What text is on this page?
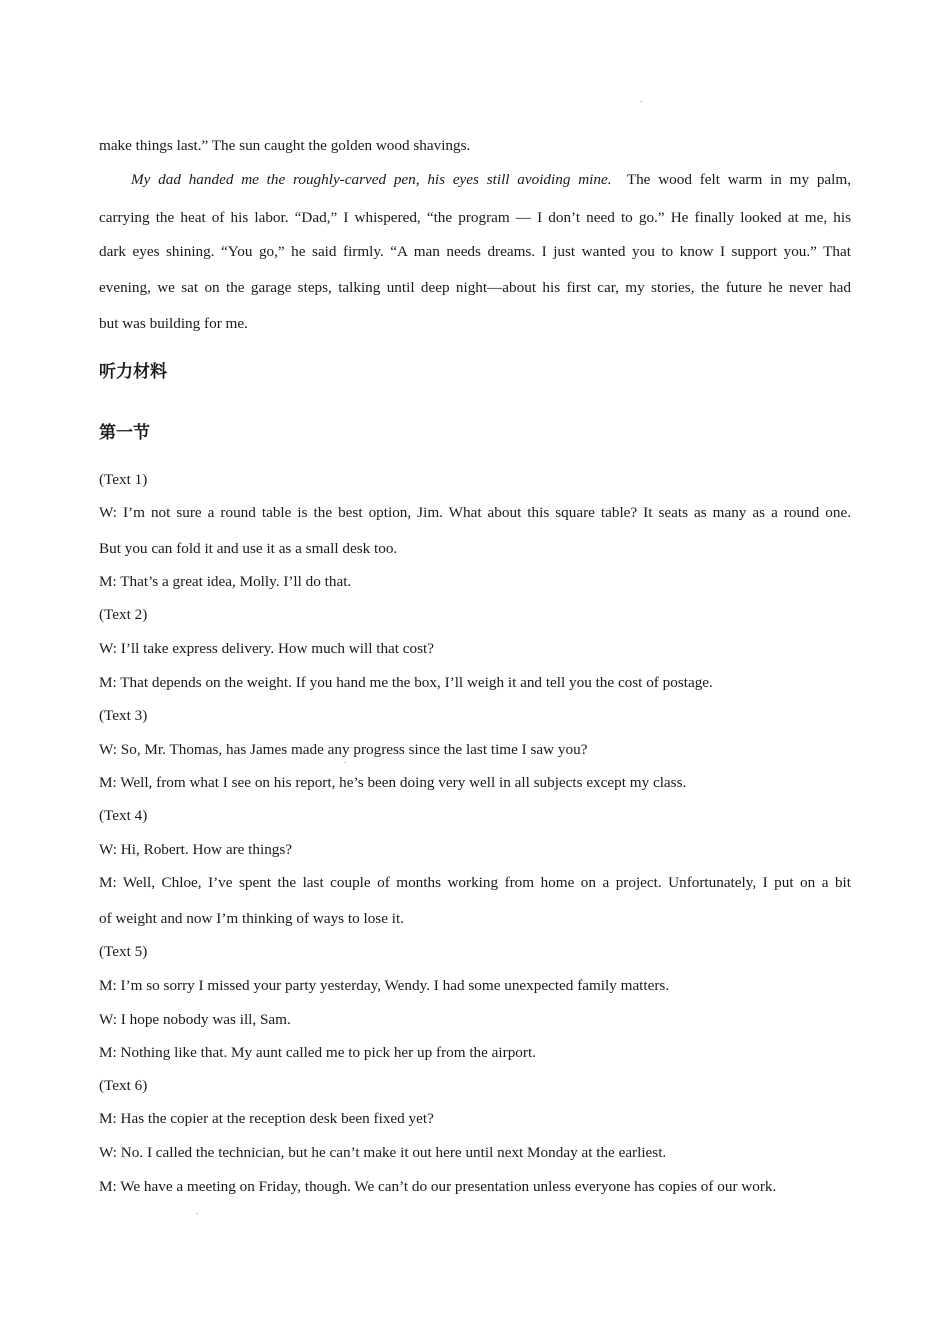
make things last.” The sun caught the golden wood shavings.
My dad handed me the roughly-carved pen, his eyes still avoiding mine. The wood felt warm in my palm,
carrying the heat of his labor. “Dad,” I whispered, “the program — I don’t need to go.” He finally looked at me, his
dark eyes shining. “You go,” he said firmly. “A man needs dreams. I just wanted you to know I support you.” That
evening, we sat on the garage steps, talking until deep night—about his first car, my stories, the future he never had
but was building for me.
听力材料
第一节
(Text 1)
W: I’m not sure a round table is the best option, Jim. What about this square table? It seats as many as a round one.
But you can fold it and use it as a small desk too.
M: That’s a great idea, Molly. I’ll do that.
(Text 2)
W: I’ll take express delivery. How much will that cost?
M: That depends on the weight. If you hand me the box, I’ll weigh it and tell you the cost of postage.
(Text 3)
W: So, Mr. Thomas, has James made any progress since the last time I saw you?
M: Well, from what I see on his report, he’s been doing very well in all subjects except my class.
(Text 4)
W: Hi, Robert. How are things?
M: Well, Chloe, I’ve spent the last couple of months working from home on a project. Unfortunately, I put on a bit
of weight and now I’m thinking of ways to lose it.
(Text 5)
M: I’m so sorry I missed your party yesterday, Wendy. I had some unexpected family matters.
W: I hope nobody was ill, Sam.
M: Nothing like that. My aunt called me to pick her up from the airport.
(Text 6)
M: Has the copier at the reception desk been fixed yet?
W: No. I called the technician, but he can’t make it out here until next Monday at the earliest.
M: We have a meeting on Friday, though. We can’t do our presentation unless everyone has copies of our work.
